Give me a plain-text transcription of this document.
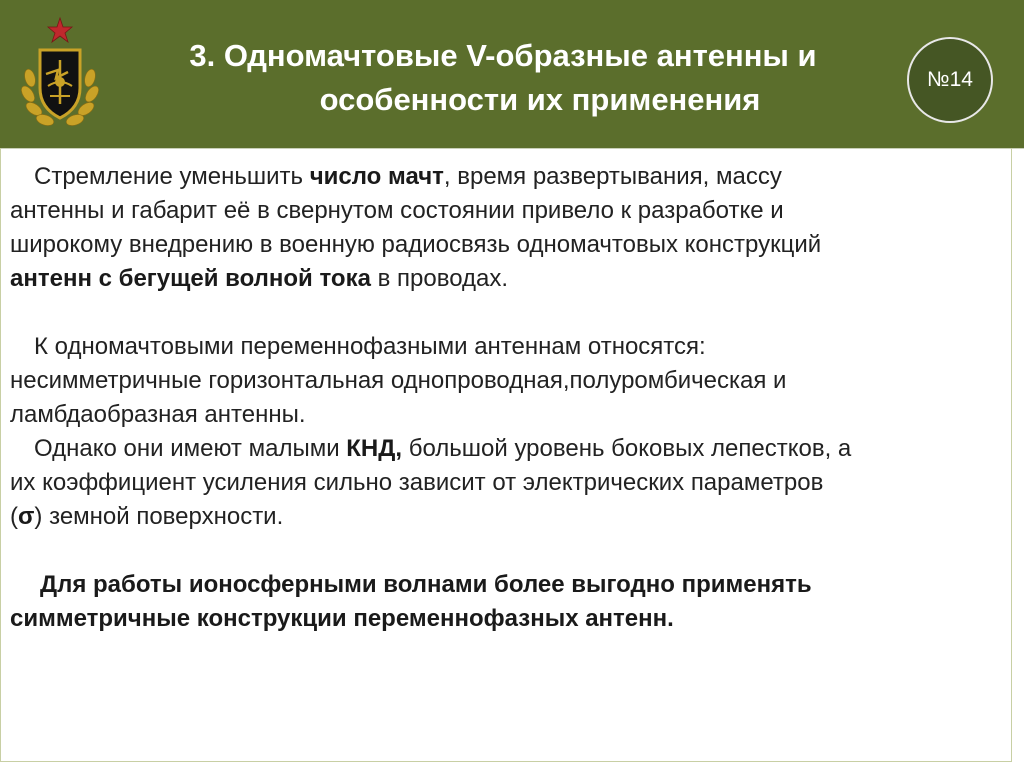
3. Одномачтовые V-образные антенны и
особенности их применения
№14

Стремление уменьшить число мачт, время развертывания, массу

антенны и габарит её в свернутом состоянии привело к разработке и

широкому внедрению в военную радиосвязь одномачтовых конструкций

антенн с бегущей волной тока в проводах.

К одномачтовыми переменнофазными антеннам относятся:

несимметричные горизонтальная однопроводная,полуромбическая и

ламбдаобразная антенны.

Однако они имеют малыми КНД, большой уровень боковых лепестков, а

их коэффициент усиления сильно зависит от электрических параметров

(σ) земной поверхности.

Для работы ионосферными волнами более выгодно применять

симметричные конструкции переменнофазных антенн.
